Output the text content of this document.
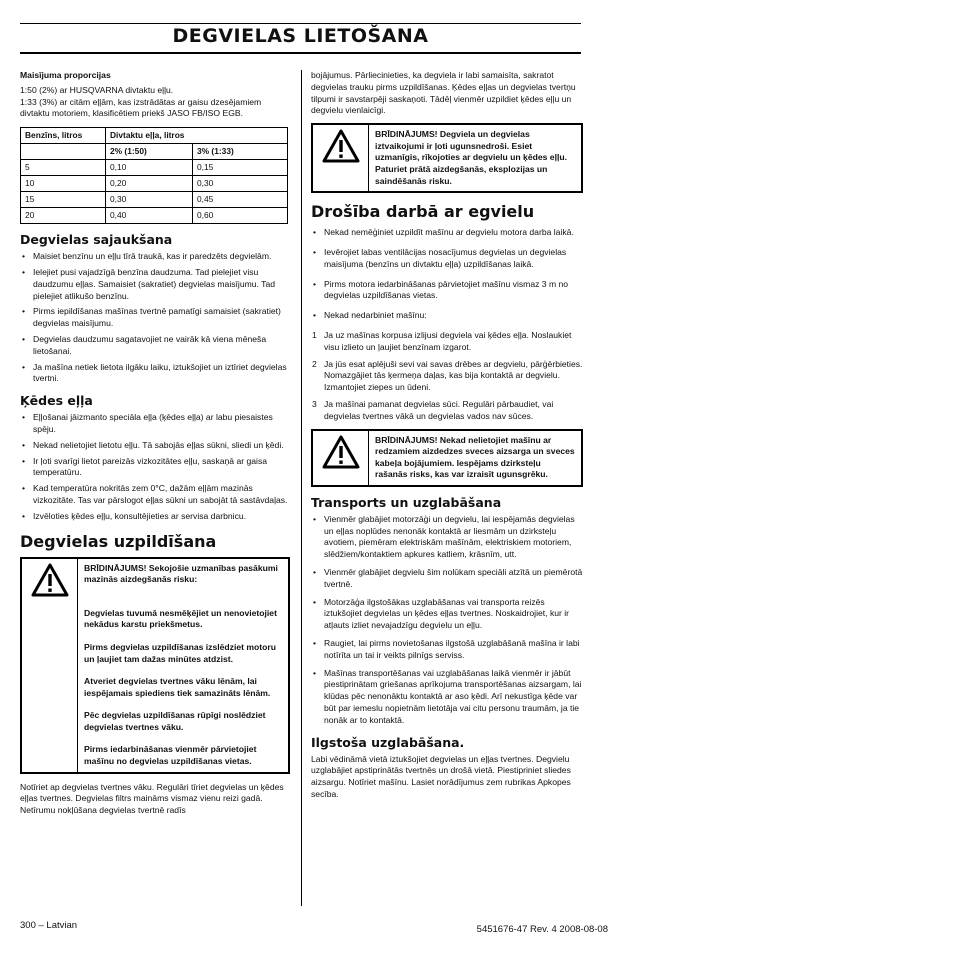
DEGVIELAS LIETOŠANA

Maisījuma proporcijas

1:50 (2%) ar HUSQVARNA divtaktu eļļu.

1:33 (3%) ar citām eļļām, kas izstrādātas ar gaisu dzesējamiem divtaktu motoriem, klasificētiem priekš JASO FB/ISO EGB.

Benzīns, litros	Divtaktu eļļa, litros	
	2% (1:50)	3% (1:33)
5	0,10	0,15
10	0,20	0,30
15	0,30	0,45
20	0,40	0,60
Degvielas sajaukšana
• Maisiet benzīnu un eļļu tīrā traukā, kas ir paredzēts degvielām.
• Ielejiet pusi vajadzīgā benzīna daudzuma. Tad pielejiet visu daudzumu eļļas. Samaisiet (sakratiet) degvielas maisījumu. Tad pielejiet atlikušo benzīnu.
• Pirms iepildīšanas mašīnas tvertnē pamatīgi samaisiet (sakratiet) degvielas maisījumu.
• Degvielas daudzumu sagatavojiet ne vairāk kā viena mēneša lietošanai.
• Ja mašīna netiek lietota ilgāku laiku, iztukšojiet un iztīriet degvielas tvertni.
Ķēdes eļļa
• Eļļošanai jāizmanto speciāla eļļa (ķēdes eļļa) ar labu piesaistes spēju.
• Nekad nelietojiet lietotu eļļu. Tā sabojās eļļas sūkni, sliedi un ķēdi.
• Ir ļoti svarīgi lietot pareizās vizkozitātes eļļu, saskaņā ar gaisa temperatūru.
• Kad temperatūra nokritās zem 0°C, dažām eļļām mazinās vizkozitāte. Tas var pārslogot eļļas sūkni un sabojāt tā sastāvdaļas.
• Izvēloties ķēdes eļļu, konsultējieties ar servisa darbnicu.
Degvielas uzpildīšana

BRĪDINĀJUMS! Sekojošie uzmanības pasākumi mazinās aizdegšanās risku:

Degvielas tuvumā nesmēķējiet un nenovietojiet nekādus karstu priekšmetus.

Pirms degvielas uzpildīšanas izslēdziet motoru un ļaujiet tam dažas minūtes atdzist.

Atveriet degvielas tvertnes vāku lēnām, lai iespējamais spiediens tiek samazināts lēnām.

Pēc degvielas uzpildīšanas rūpīgi noslēdziet degvielas tvertnes vāku.

Pirms iedarbināšanas vienmēr pārvietojiet mašīnu no degvielas uzpildīšanas vietas.

Notīriet ap degvielas tvertnes vāku. Regulāri tīriet degvielas un ķēdes eļļas tvertnes. Degvielas filtrs maināms vismaz vienu reizi gadā. Netīrumu nokļūšana degvielas tvertnē radīs

bojājumus. Pārliecinieties, ka degviela ir labi samaisīta, sakratot degvielas trauku pirms uzpildīšanas. Ķēdes eļļas un degvielas tvertņu tilpumi ir savstarpēji saskaņoti. Tādēļ vienmēr uzpildiet ķēdes eļļu un degvielu vienlaicīgi.

BRĪDINĀJUMS! Degviela un degvielas iztvaikojumi ir ļoti ugunsnedroši. Esiet uzmanīgis, rīkojoties ar degvielu un ķēdes eļļu. Paturiet prātā aizdegšanās, eksplozijas un saindēšanās risku.

Drošība darbā ar egvielu
• Nekad nemēģiniet uzpildīt mašīnu ar degvielu motora darba laikā.
• Ievērojiet labas ventilācijas nosacījumus degvielas un degvielas maisījuma (benzīns un divtaktu eļļa) uzpildīšanas laikā.
• Pirms motora iedarbināšanas pārvietojiet mašīnu vismaz 3 m no degvielas uzpildīšanas vietas.
• Nekad nedarbiniet mašīnu:
1 Ja uz mašīnas korpusa izlijusi degviela vai ķēdes eļļa. Noslaukiet visu izlieto un ļaujiet benzīnam izgarot.
2 Ja jūs esat aplējuši sevi vai savas drēbes ar degvielu, pārģērbieties. Nomazgājiet tās ķermeņa daļas, kas bija kontaktā ar degvielu. Izmantojiet ziepes un ūdeni.
3 Ja mašīnai pamanat degvielas sūci. Regulāri pārbaudiet, vai degvielas tvertnes vākā un degvielas vados nav sūces.

BRĪDINĀJUMS! Nekad nelietojiet mašīnu ar redzamiem aizdedzes sveces aizsarga un sveces kabeļa bojājumiem. Iespējams dzirksteļu rašanās risks, kas var izraisīt ugunsgrēku.

Transports un uzglabāšana
• Vienmēr glabājiet motorzāģi un degvielu, lai iespējamās degvielas un eļļas noplūdes nenonāk kontaktā ar liesmām un dzirksteļu avotiem, piemēram elektriskām mašīnām, elektriskiem motoriem, slēdžiem/kontaktiem apkures katliem, krāsnīm, utt.
• Vienmēr glabājiet degvielu šim nolūkam speciāli atzītā un piemērotā tvertnē.
• Motorzāģa ilgstošākas uzglabāšanas vai transporta reizēs iztukšojiet degvielas un ķēdes eļļas tvertnes. Noskaidrojiet, kur ir atļauts izliet nevajadzīgu degvielu un eļļu.
• Raugiet, lai pirms novietošanas ilgstošā uzglabāšanā mašīna ir labi notīrīta un tai ir veikts pilnīgs serviss.
• Mašīnas transportēšanas vai uzglabāšanas laikā vienmēr ir jābūt piestiprinātam griešanas aprīkojuma transportēšanas aizsargam, lai klūdas pēc nenonāktu kontaktā ar aso ķēdi. Arī nekustīga ķēde var būt par iemeslu nopietnām lietotāja vai citu personu traumām, ja tie nonāk ar to kontaktā.
Ilgstoša uzglabāšana.

Labi vēdināmā vietā iztukšojiet degvielas un eļļas tvertnes. Degvielu uzglabājiet apstiprinātās tvertnēs un drošā vietā. Piestipriniet sliedes aizsargu. Notīriet mašīnu. Lasiet norādījumus zem rubrikas Apkopes secība.

300 – Latvian	5451676-47 Rev. 4 2008-08-08
